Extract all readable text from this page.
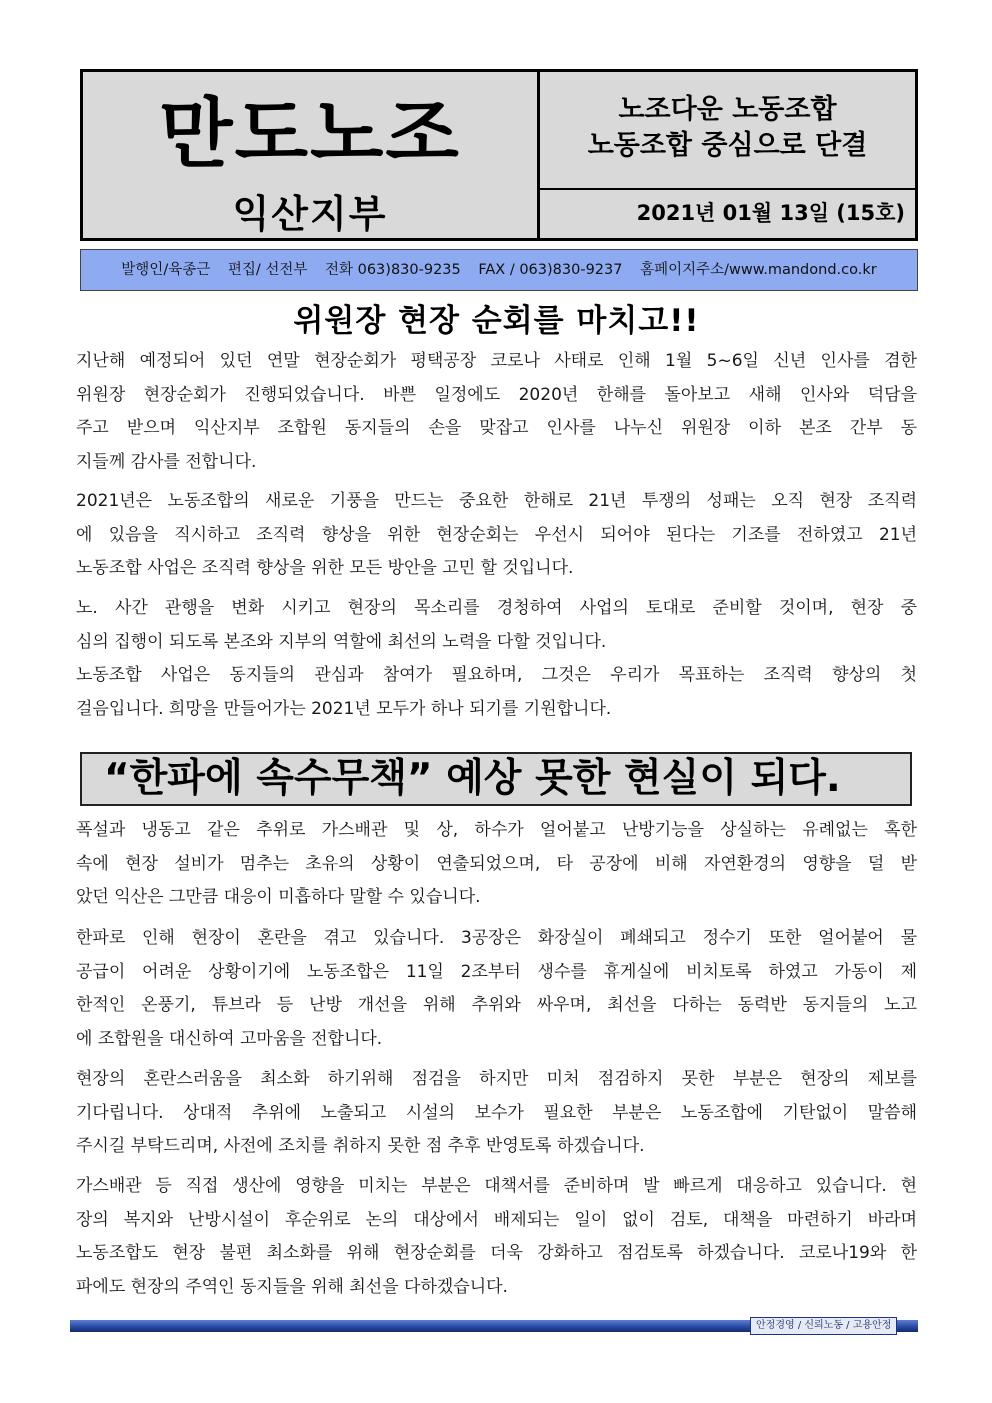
만도노조
익산지부
노조다운 노동조합
노동조합 중심으로 단결
2021년 01월 13일 (15호)
발행인/육종근 편집/ 선전부 전화 063)830-9235 FAX / 063)830-9237 홈페이지주소/www.mandond.co.kr
위원장 현장 순회를 마치고!!
지난해 예정되어 있던 연말 현장순회가 평택공장 코로나 사태로 인해 1월 5~6일 신년 인사를 겸한
위원장 현장순회가 진행되었습니다. 바쁜 일정에도 2020년 한해를 돌아보고 새해 인사와 덕담을
주고 받으며 익산지부 조합원 동지들의 손을 맞잡고 인사를 나누신 위원장 이하 본조 간부 동
지들께 감사를 전합니다.
2021년은 노동조합의 새로운 기풍을 만드는 중요한 한해로 21년 투쟁의 성패는 오직 현장 조직력
에 있음을 직시하고 조직력 향상을 위한 현장순회는 우선시 되어야 된다는 기조를 전하였고 21년
노동조합 사업은 조직력 향상을 위한 모든 방안을 고민 할 것입니다.
노. 사간 관행을 변화 시키고 현장의 목소리를 경청하여 사업의 토대로 준비할 것이며, 현장 중
심의 집행이 되도록 본조와 지부의 역할에 최선의 노력을 다할 것입니다.
노동조합 사업은 동지들의 관심과 참여가 필요하며, 그것은 우리가 목표하는 조직력 향상의 첫
걸음입니다. 희망을 만들어가는 2021년 모두가 하나 되기를 기원합니다.
“한파에 속수무책” 예상 못한 현실이 되다.
폭설과 냉동고 같은 추위로 가스배관 및 상, 하수가 얼어붙고 난방기능을 상실하는 유례없는 혹한
속에 현장 설비가 멈추는 초유의 상황이 연출되었으며, 타 공장에 비해 자연환경의 영향을 덜 받
았던 익산은 그만큼 대응이 미흡하다 말할 수 있습니다.
한파로 인해 현장이 혼란을 겪고 있습니다. 3공장은 화장실이 폐쇄되고 정수기 또한 얼어붙어 물
공급이 어려운 상황이기에 노동조합은 11일 2조부터 생수를 휴게실에 비치토록 하였고 가동이 제
한적인 온풍기, 튜브라 등 난방 개선을 위해 추위와 싸우며, 최선을 다하는 동력반 동지들의 노고
에 조합원을 대신하여 고마움을 전합니다.
현장의 혼란스러움을 최소화 하기위해 점검을 하지만 미처 점검하지 못한 부분은 현장의 제보를
기다립니다. 상대적 추위에 노출되고 시설의 보수가 필요한 부분은 노동조합에 기탄없이 말씀해
주시길 부탁드리며, 사전에 조치를 취하지 못한 점 추후 반영토록 하겠습니다.
가스배관 등 직접 생산에 영향을 미치는 부분은 대책서를 준비하며 발 빠르게 대응하고 있습니다. 현
장의 복지와 난방시설이 후순위로 논의 대상에서 배제되는 일이 없이 검토, 대책을 마련하기 바라며
노동조합도 현장 불편 최소화를 위해 현장순회를 더욱 강화하고 점검토록 하겠습니다. 코로나19와 한
파에도 현장의 주역인 동지들을 위해 최선을 다하겠습니다.
안정경영 / 신뢰노동 / 고용안정
